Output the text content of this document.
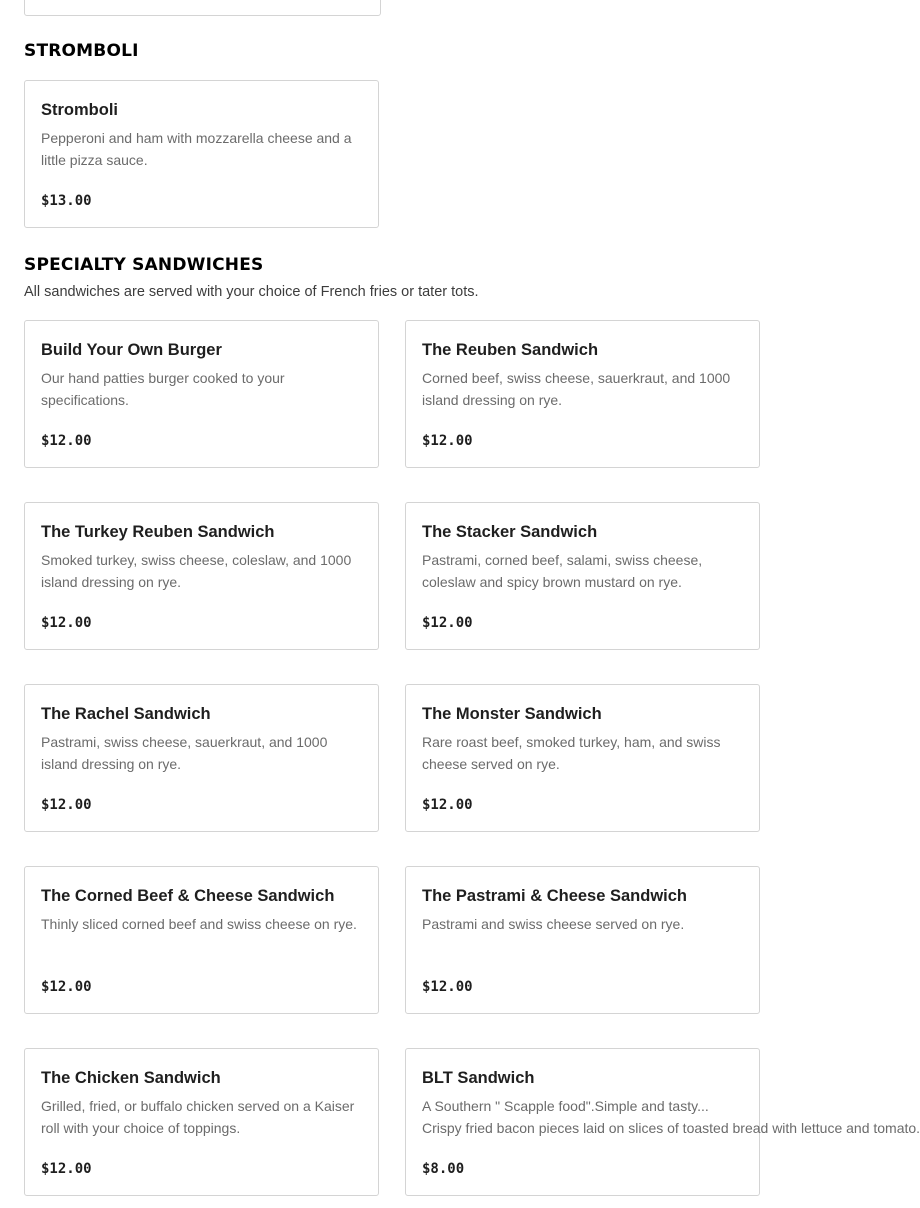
STROMBOLI
Stromboli
Pepperoni and ham with mozzarella cheese and a little pizza sauce.
$13.00
SPECIALTY SANDWICHES

All sandwiches are served with your choice of French fries or tater tots.

Build Your Own Burger
Our hand patties burger cooked to your specifications.
$12.00
The Reuben Sandwich
Corned beef, swiss cheese, sauerkraut, and 1000 island dressing on rye.
$12.00
The Turkey Reuben Sandwich
Smoked turkey, swiss cheese, coleslaw, and 1000 island dressing on rye.
$12.00
The Stacker Sandwich
Pastrami, corned beef, salami, swiss cheese, coleslaw and spicy brown mustard on rye.
$12.00
The Rachel Sandwich
Pastrami, swiss cheese, sauerkraut, and 1000 island dressing on rye.
$12.00
The Monster Sandwich
Rare roast beef, smoked turkey, ham, and swiss cheese served on rye.
$12.00
The Corned Beef & Cheese Sandwich
Thinly sliced corned beef and swiss cheese on rye.
$12.00
The Pastrami & Cheese Sandwich
Pastrami and swiss cheese served on rye.
$12.00
The Chicken Sandwich
Grilled, fried, or buffalo chicken served on a Kaiser roll with your choice of toppings.
$12.00
BLT Sandwich
A Southern " Scapple food".Simple and tasty...
Crispy fried bacon pieces laid on slices of toasted bread with lettuce and tomato.
$8.00
